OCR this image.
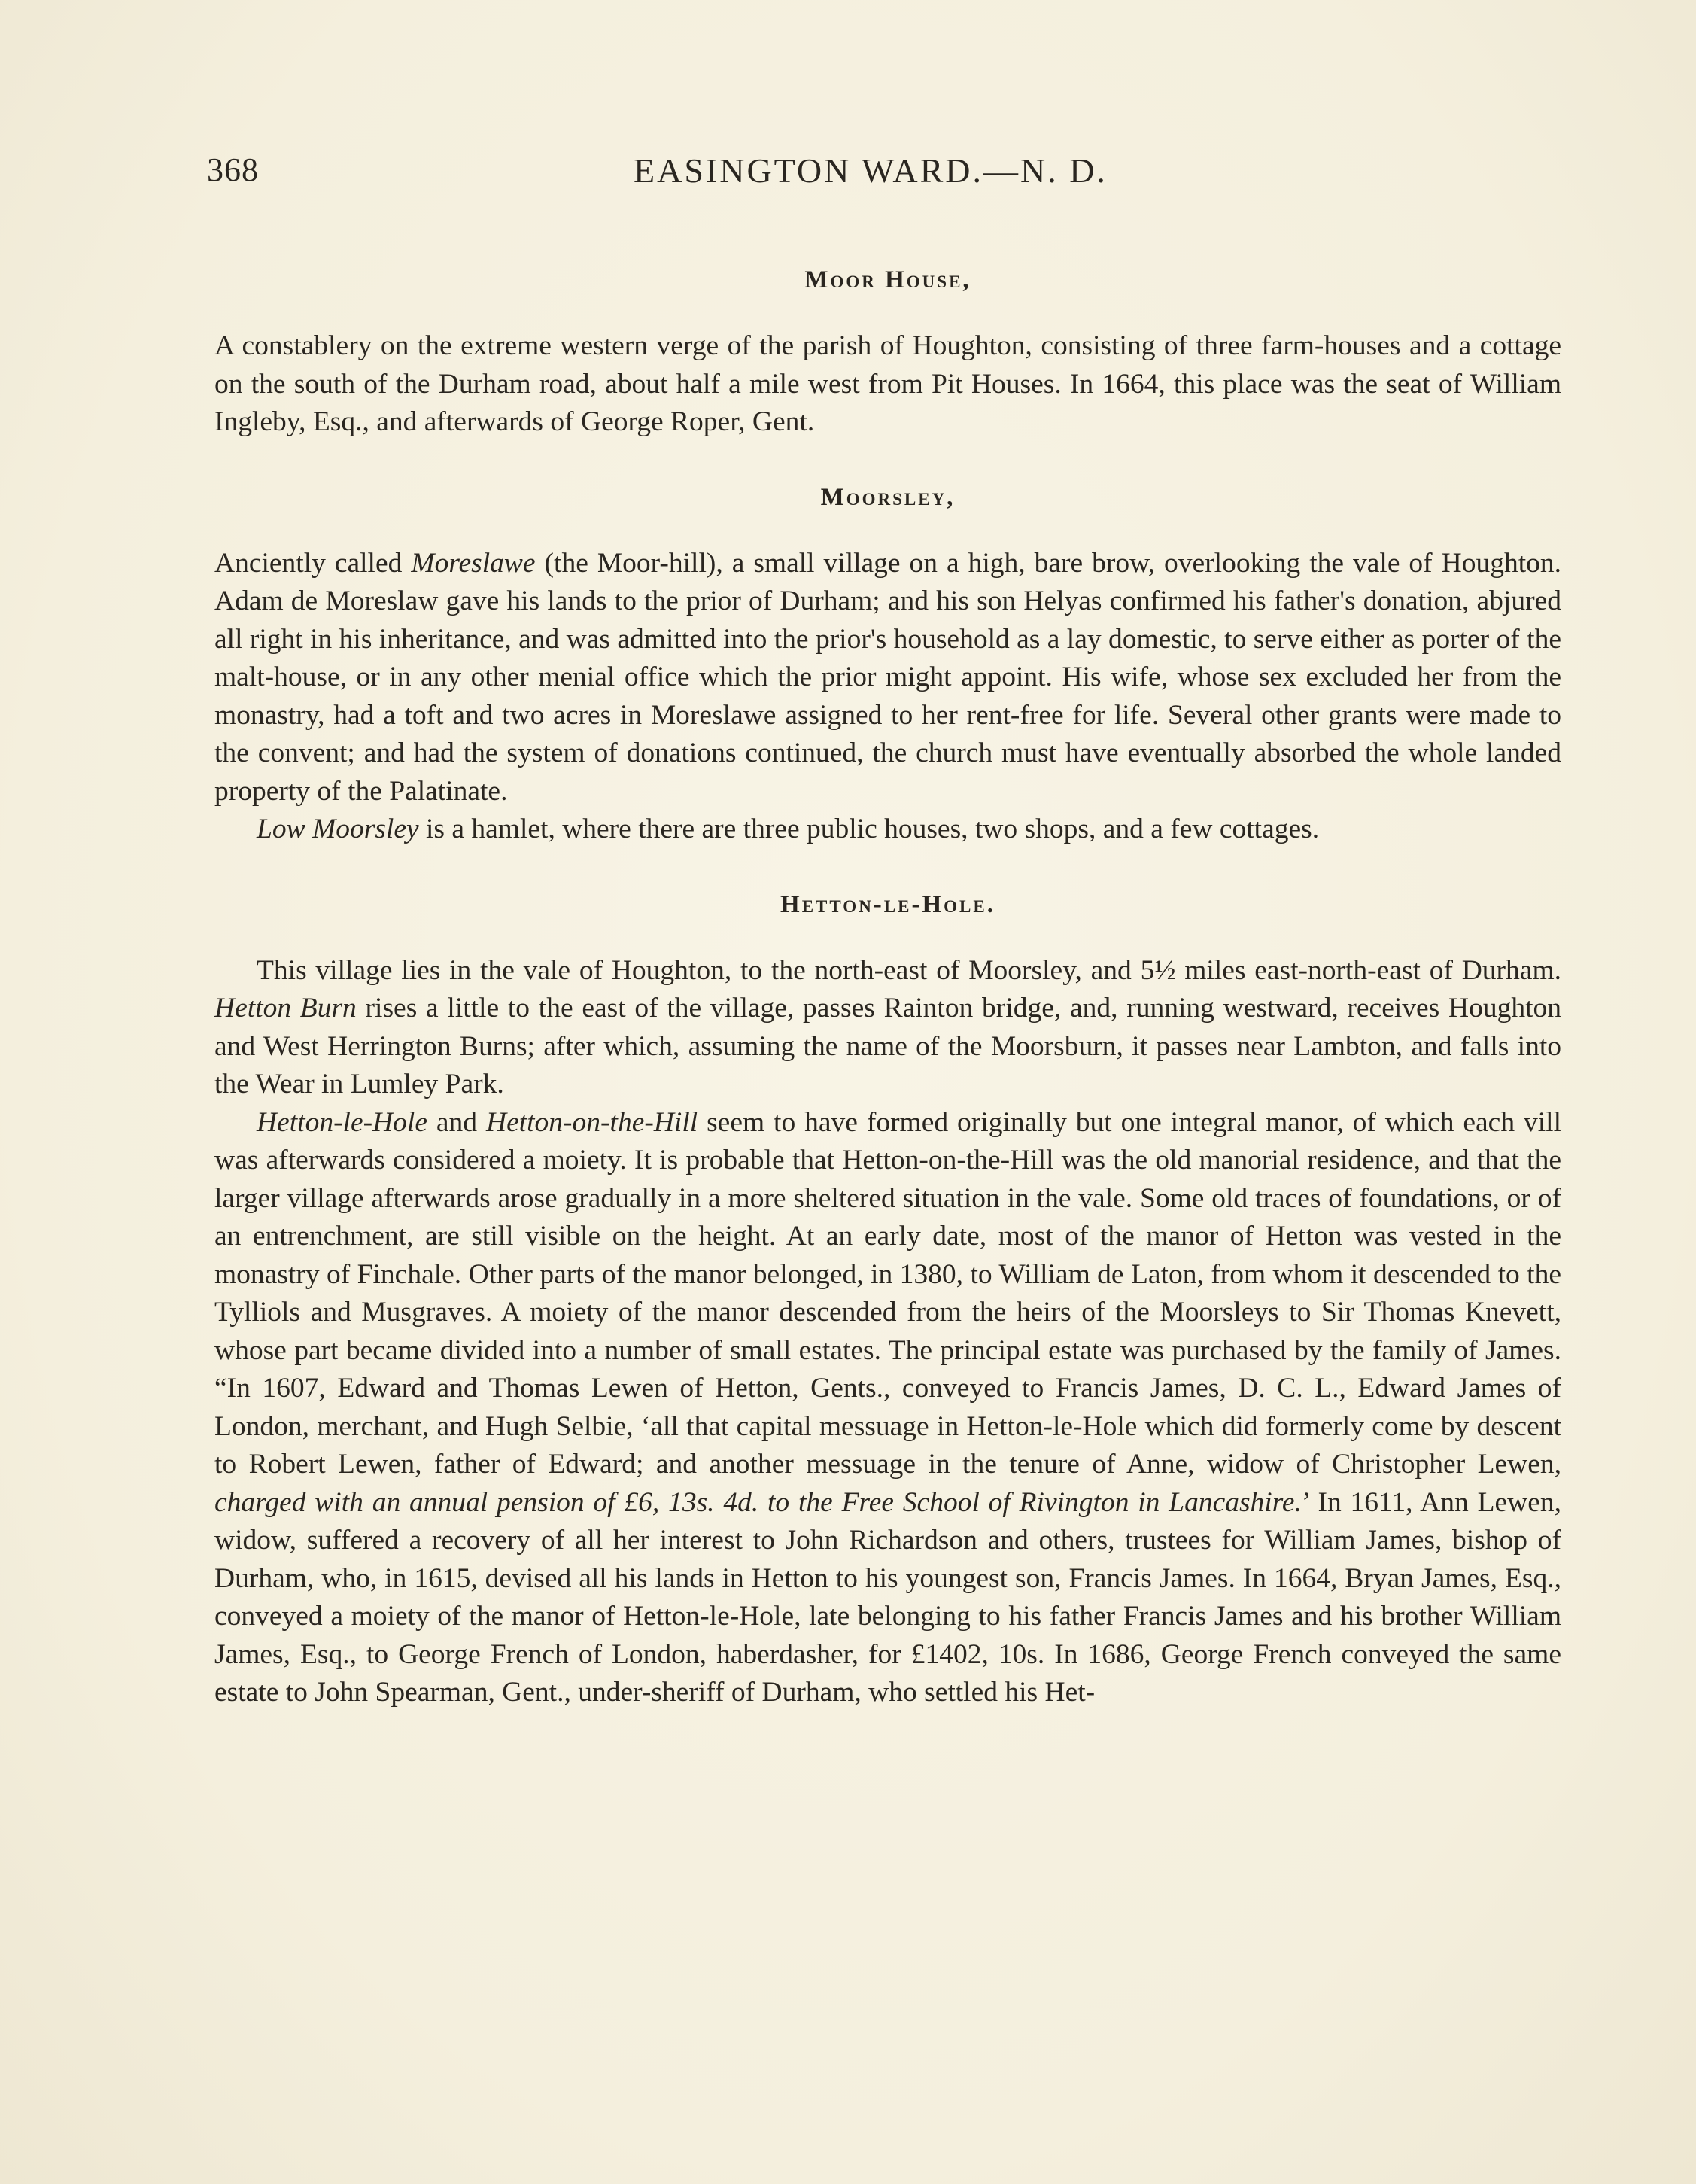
368	EASINGTON WARD.—N. D.
Moor House,

A constablery on the extreme western verge of the parish of Houghton, consisting of three farm-houses and a cottage on the south of the Durham road, about half a mile west from Pit Houses. In 1664, this place was the seat of William Ingleby, Esq., and afterwards of George Roper, Gent.

Moorsley,

Anciently called Moreslawe (the Moor-hill), a small village on a high, bare brow, overlooking the vale of Houghton. Adam de Moreslaw gave his lands to the prior of Durham; and his son Helyas confirmed his father's donation, abjured all right in his inheritance, and was admitted into the prior's household as a lay domestic, to serve either as porter of the malt-house, or in any other menial office which the prior might appoint. His wife, whose sex excluded her from the monastry, had a toft and two acres in Moreslawe assigned to her rent-free for life. Several other grants were made to the convent; and had the system of donations continued, the church must have eventually absorbed the whole landed property of the Palatinate.

Low Moorsley is a hamlet, where there are three public houses, two shops, and a few cottages.

Hetton-le-Hole.

This village lies in the vale of Houghton, to the north-east of Moorsley, and 5½ miles east-north-east of Durham. Hetton Burn rises a little to the east of the village, passes Rainton bridge, and, running westward, receives Houghton and West Herrington Burns; after which, assuming the name of the Moorsburn, it passes near Lambton, and falls into the Wear in Lumley Park.

Hetton-le-Hole and Hetton-on-the-Hill seem to have formed originally but one integral manor, of which each vill was afterwards considered a moiety. It is probable that Hetton-on-the-Hill was the old manorial residence, and that the larger village afterwards arose gradually in a more sheltered situation in the vale. Some old traces of foundations, or of an entrenchment, are still visible on the height. At an early date, most of the manor of Hetton was vested in the monastry of Finchale. Other parts of the manor belonged, in 1380, to William de Laton, from whom it descended to the Tylliols and Musgraves. A moiety of the manor descended from the heirs of the Moorsleys to Sir Thomas Knevett, whose part became divided into a number of small estates. The principal estate was purchased by the family of James. “In 1607, Edward and Thomas Lewen of Hetton, Gents., conveyed to Francis James, D. C. L., Edward James of London, merchant, and Hugh Selbie, ‘all that capital messuage in Hetton-le-Hole which did formerly come by descent to Robert Lewen, father of Edward; and another messuage in the tenure of Anne, widow of Christopher Lewen, charged with an annual pension of £6, 13s. 4d. to the Free School of Rivington in Lancashire.’ In 1611, Ann Lewen, widow, suffered a recovery of all her interest to John Richardson and others, trustees for William James, bishop of Durham, who, in 1615, devised all his lands in Hetton to his youngest son, Francis James. In 1664, Bryan James, Esq., conveyed a moiety of the manor of Hetton-le-Hole, late belonging to his father Francis James and his brother William James, Esq., to George French of London, haberdasher, for £1402, 10s. In 1686, George French conveyed the same estate to John Spearman, Gent., under-sheriff of Durham, who settled his Het-
